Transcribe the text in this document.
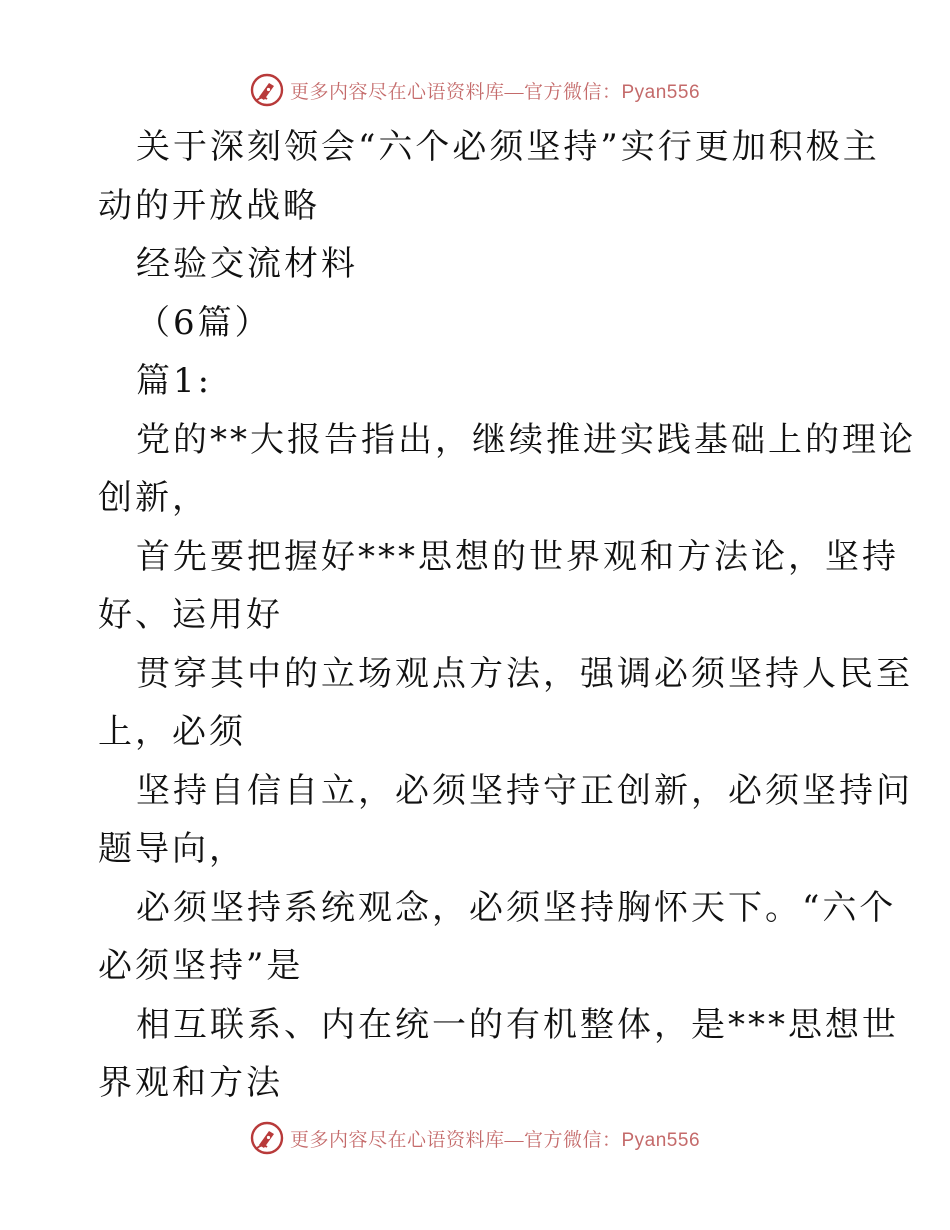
更多内容尽在心语资料库—官方微信：Pyan556
关于深刻领会“六个必须坚持”实行更加积极主
动的开放战略
经验交流材料
（6篇）
篇1:
党的**大报告指出，继续推进实践基础上的理论
创新，
首先要把握好***思想的世界观和方法论，坚持
好、运用好
贯穿其中的立场观点方法，强调必须坚持人民至
上，必须
坚持自信自立，必须坚持守正创新，必须坚持问
题导向，
必须坚持系统观念，必须坚持胸怀天下。“六个
必须坚持”是
相互联系、内在统一的有机整体，是***思想世
界观和方法
更多内容尽在心语资料库—官方微信：Pyan556
